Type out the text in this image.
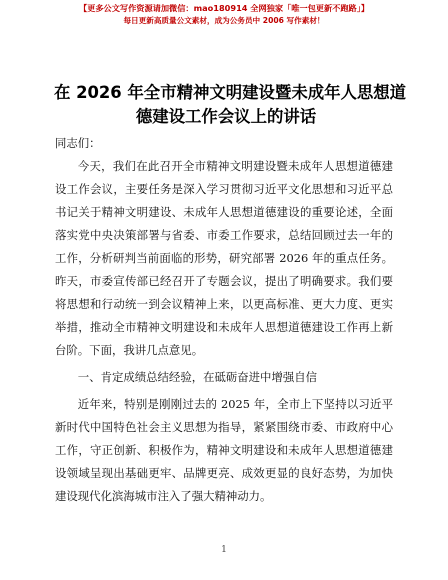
【更多公文写作资源请加微信：mao180914 全网独家「唯一包更新不跑路」】
每日更新高质量公文素材，成为公务员中 2006 写作素材！
在 2026 年全市精神文明建设暨未成年人思想道
德建设工作会议上的讲话

同志们：

今天，我们在此召开全市精神文明建设暨未成年人思想道德建设工作会议，主要任务是深入学习贯彻习近平文化思想和习近平总书记关于精神文明建设、未成年人思想道德建设的重要论述，全面落实党中央决策部署与省委、市委工作要求，总结回顾过去一年的工作，分析研判当前面临的形势，研究部署 2026 年的重点任务。昨天，市委宣传部已经召开了专题会议，提出了明确要求。我们要将思想和行动统一到会议精神上来，以更高标准、更大力度、更实举措，推动全市精神文明建设和未成年人思想道德建设工作再上新台阶。下面，我讲几点意见。

一、肯定成绩总结经验，在砥砺奋进中增强自信

近年来，特别是刚刚过去的 2025 年，全市上下坚持以习近平新时代中国特色社会主义思想为指导，紧紧围绕市委、市政府中心工作，守正创新、积极作为，精神文明建设和未成年人思想道德建设领域呈现出基础更牢、品牌更亮、成效更显的良好态势，为加快建设现代化滨海城市注入了强大精神动力。

1
